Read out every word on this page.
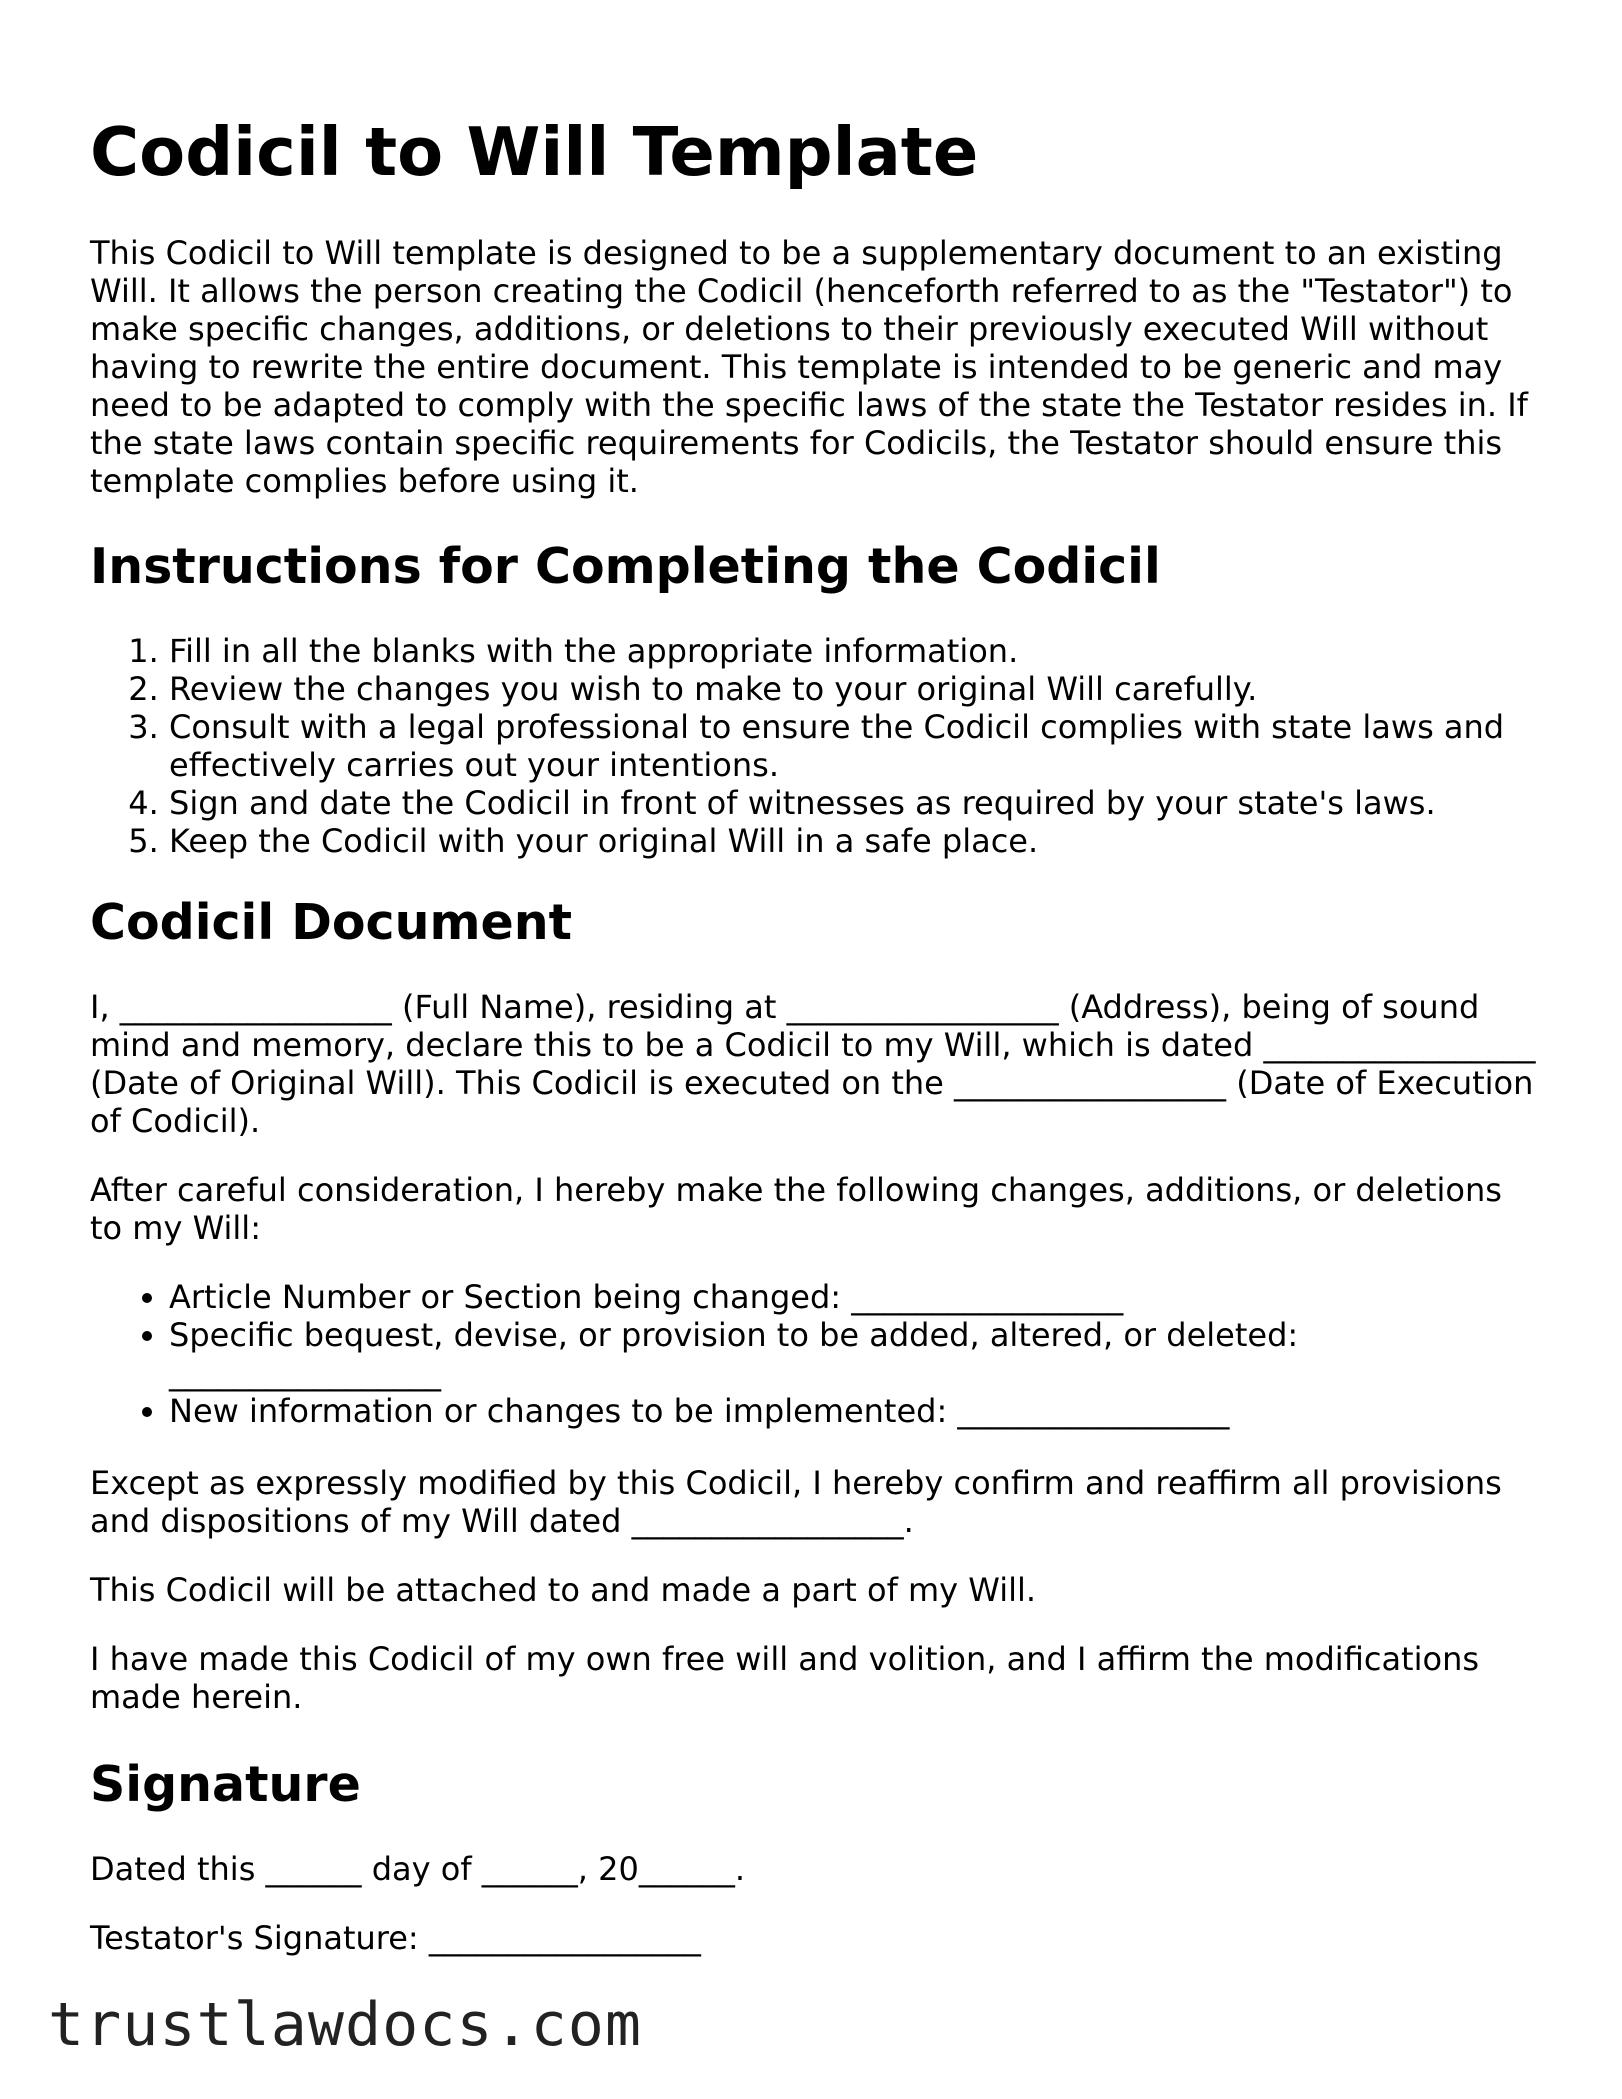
Codicil to Will Template

This Codicil to Will template is designed to be a supplementary document to an existing Will. It allows the person creating the Codicil (henceforth referred to as the "Testator") to make specific changes, additions, or deletions to their previously executed Will without having to rewrite the entire document. This template is intended to be generic and may need to be adapted to comply with the specific laws of the state the Testator resides in. If the state laws contain specific requirements for Codicils, the Testator should ensure this template complies before using it.

Instructions for Completing the Codicil
1. Fill in all the blanks with the appropriate information.
2. Review the changes you wish to make to your original Will carefully.
3. Consult with a legal professional to ensure the Codicil complies with state laws and effectively carries out your intentions.
4. Sign and date the Codicil in front of witnesses as required by your state's laws.
5. Keep the Codicil with your original Will in a safe place.
Codicil Document

I, _________________ (Full Name), residing at _________________ (Address), being of sound mind and memory, declare this to be a Codicil to my Will, which is dated _________________ (Date of Original Will). This Codicil is executed on the _________________ (Date of Execution of Codicil).

After careful consideration, I hereby make the following changes, additions, or deletions to my Will:

• Article Number or Section being changed: _________________
• Specific bequest, devise, or provision to be added, altered, or deleted: _________________
• New information or changes to be implemented: _________________

Except as expressly modified by this Codicil, I hereby confirm and reaffirm all provisions and dispositions of my Will dated _________________.

This Codicil will be attached to and made a part of my Will.

I have made this Codicil of my own free will and volition, and I affirm the modifications made herein.

Signature

Dated this ______ day of ______, 20______.

Testator's Signature: _________________

trustlawdocs.com
